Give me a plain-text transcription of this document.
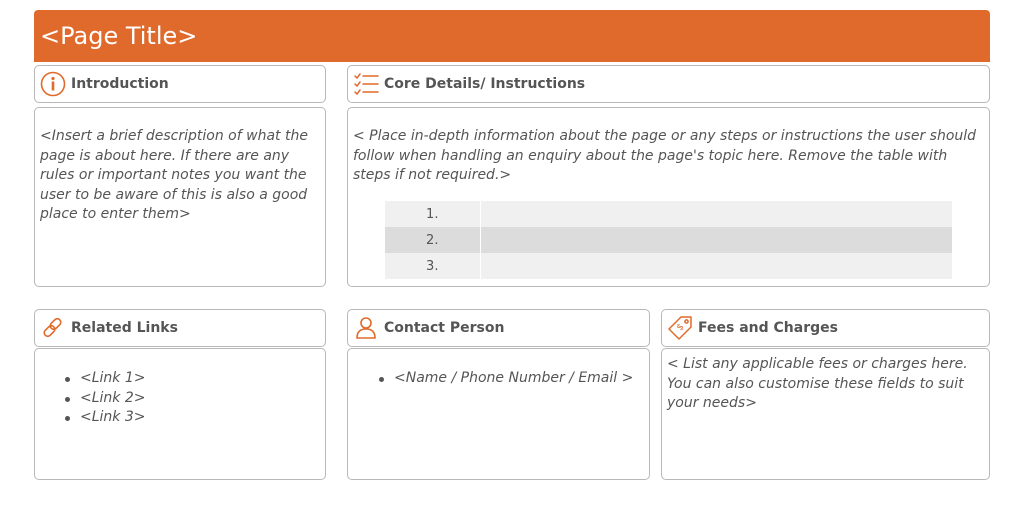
<Page Title>
Introduction
<Insert a brief description of what the page is about here. If there are any rules or important notes you want the user to be aware of this is also a good place to enter them>
Core Details/ Instructions
< Place in-depth information about the page or any steps or instructions the user should follow when handling an enquiry about the page's topic here. Remove the table with steps if not required.>
1.	
2.	
3.	
Related Links
<Link 1>
<Link 2>
<Link 3>
Contact Person
<Name / Phone Number / Email >
$ Fees and Charges
< List any applicable fees or charges here. You can also customise these fields to suit your needs>
